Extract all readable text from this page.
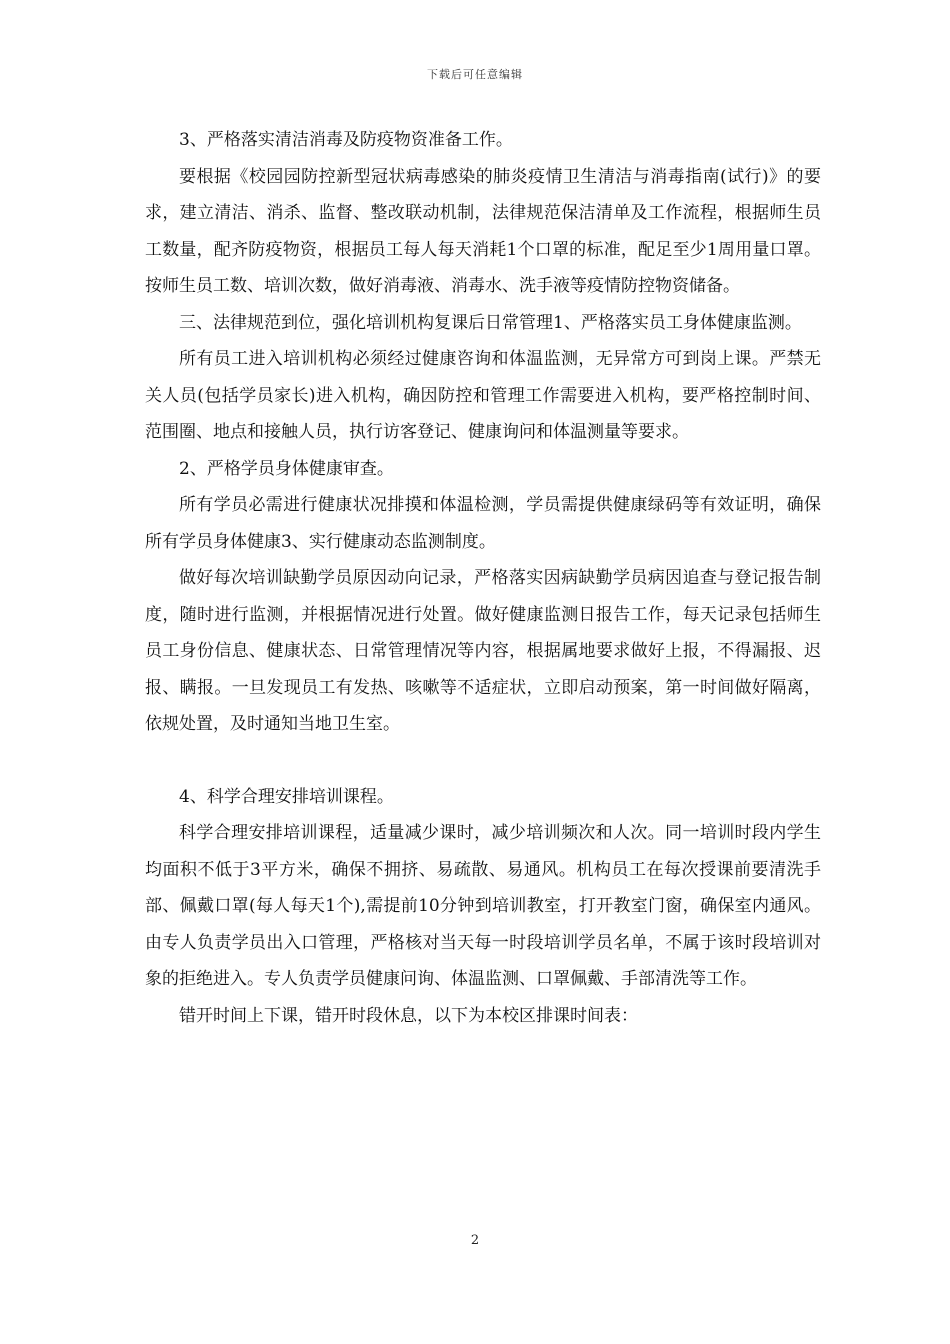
下载后可任意编辑

3、严格落实清洁消毒及防疫物资准备工作。

要根据《校园园防控新型冠状病毒感染的肺炎疫情卫生清洁与消毒指南(试行)》的要求，建立清洁、消杀、监督、整改联动机制，法律规范保洁清单及工作流程，根据师生员工数量，配齐防疫物资，根据员工每人每天消耗1个口罩的标准，配足至少1周用量口罩。按师生员工数、培训次数，做好消毒液、消毒水、洗手液等疫情防控物资储备。

三、法律规范到位，强化培训机构复课后日常管理1、严格落实员工身体健康监测。

所有员工进入培训机构必须经过健康咨询和体温监测，无异常方可到岗上课。严禁无关人员(包括学员家长)进入机构，确因防控和管理工作需要进入机构，要严格控制时间、范围圈、地点和接触人员，执行访客登记、健康询问和体温测量等要求。

2、严格学员身体健康审查。

所有学员必需进行健康状况排摸和体温检测，学员需提供健康绿码等有效证明，确保所有学员身体健康3、实行健康动态监测制度。

做好每次培训缺勤学员原因动向记录，严格落实因病缺勤学员病因追查与登记报告制度，随时进行监测，并根据情况进行处置。做好健康监测日报告工作，每天记录包括师生员工身份信息、健康状态、日常管理情况等内容，根据属地要求做好上报，不得漏报、迟报、瞒报。一旦发现员工有发热、咳嗽等不适症状，立即启动预案，第一时间做好隔离，依规处置，及时通知当地卫生室。

4、科学合理安排培训课程。

科学合理安排培训课程，适量减少课时，减少培训频次和人次。同一培训时段内学生均面积不低于3平方米，确保不拥挤、易疏散、易通风。机构员工在每次授课前要清洗手部、佩戴口罩(每人每天1个),需提前10分钟到培训教室，打开教室门窗，确保室内通风。由专人负责学员出入口管理，严格核对当天每一时段培训学员名单，不属于该时段培训对象的拒绝进入。专人负责学员健康问询、体温监测、口罩佩戴、手部清洗等工作。

错开时间上下课，错开时段休息，以下为本校区排课时间表：

2
